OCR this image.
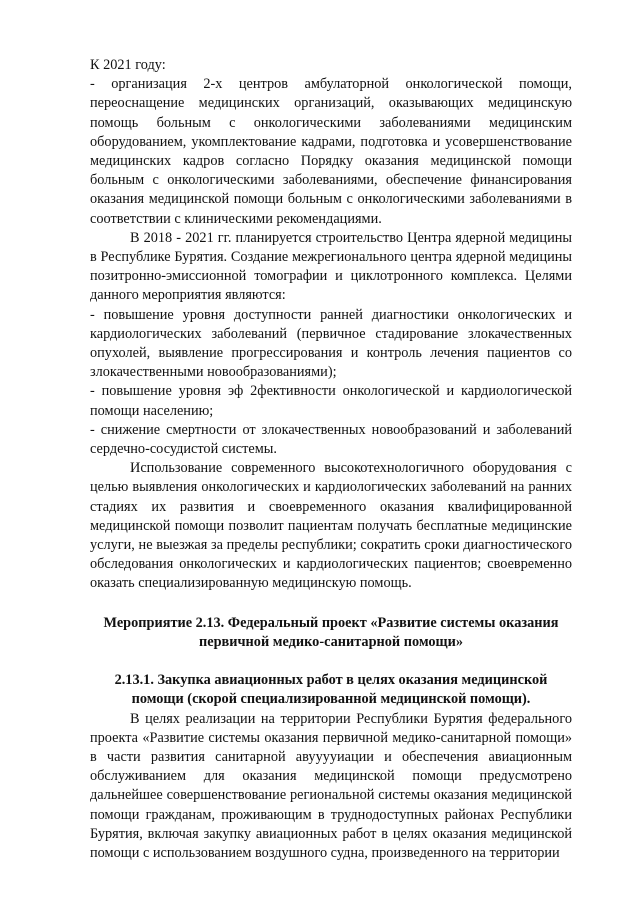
К 2021 году:

- организация 2-х центров амбулаторной онкологической помощи, переоснащение медицинских организаций, оказывающих медицинскую помощь больным с онкологическими заболеваниями медицинским оборудованием, укомплектование кадрами, подготовка и усовершенствование медицинских кадров согласно Порядку оказания медицинской помощи больным с онкологическими заболеваниями, обеспечение финансирования оказания медицинской помощи больным с онкологическими заболеваниями в соответствии с клиническими рекомендациями.

В 2018 - 2021 гг. планируется строительство Центра ядерной медицины в Республике Бурятия. Создание межрегионального центра ядерной медицины позитронно-эмиссионной томографии и циклотронного комплекса. Целями данного мероприятия являются:

- повышение уровня доступности ранней диагностики онкологических и кардиологических заболеваний (первичное стадирование злокачественных опухолей, выявление прогрессирования и контроль лечения пациентов со злокачественными новообразованиями);

- повышение уровня эф 2фективности онкологической и кардиологической помощи населению;

- снижение смертности от злокачественных новообразований и заболеваний сердечно-сосудистой системы.

Использование современного высокотехнологичного оборудования с целью выявления онкологических и кардиологических заболеваний на ранних стадиях их развития и своевременного оказания квалифицированной медицинской помощи позволит пациентам получать бесплатные медицинские услуги, не выезжая за пределы республики; сократить сроки диагностического обследования онкологических и кардиологических пациентов; своевременно оказать специализированную медицинскую помощь.

Мероприятие 2.13. Федеральный проект «Развитие системы оказания первичной медико-санитарной помощи»

2.13.1. Закупка авиационных работ в целях оказания медицинской помощи (скорой специализированной медицинской помощи).

В целях реализации на территории Республики Бурятия федерального проекта «Развитие системы оказания первичной медико-санитарной помощи» в части развития санитарной авууууиации и обеспечения авиационным обслуживанием для оказания медицинской помощи предусмотрено дальнейшее совершенствование региональной системы оказания медицинской помощи гражданам, проживающим в труднодоступных районах Республики Бурятия, включая закупку авиационных работ в целях оказания медицинской помощи с использованием воздушного судна, произведенного на территории
